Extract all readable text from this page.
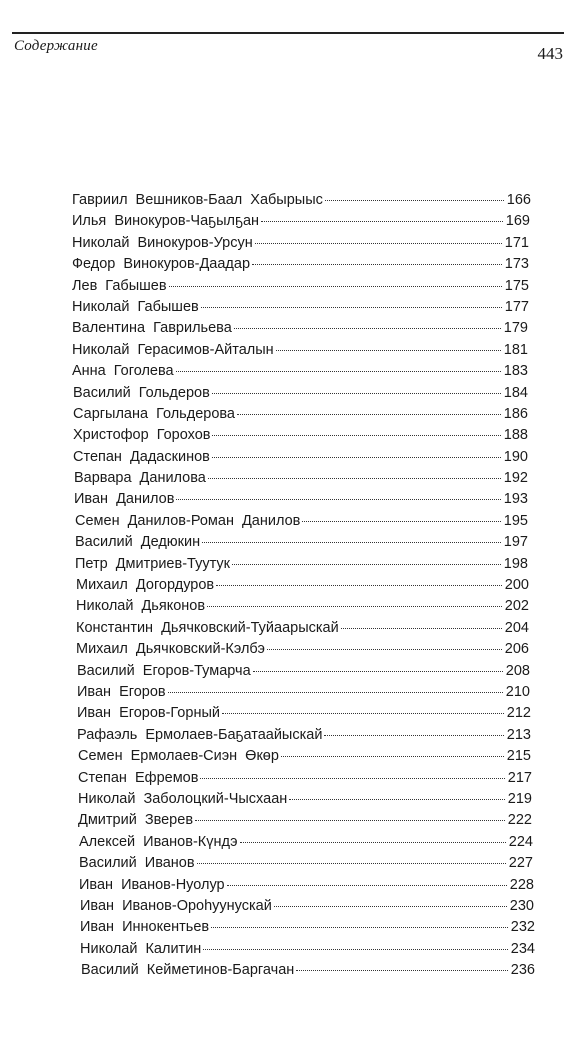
Содержание	443
Гавриил Вешников-Баал Хабырыыс	166
Илья Винокуров-Чаҕылҕан	169
Николай Винокуров-Урсун	171
Федор Винокуров-Даадар	173
Лев Габышев	175
Николай Габышев	177
Валентина Гаврильева	179
Николай Герасимов-Айталын	181
Анна Гоголева	183
Василий Гольдеров	184
Саргылана Гольдерова	186
Христофор Горохов	188
Степан Дадаскинов	190
Варвара Данилова	192
Иван Данилов	193
Семен Данилов-Роман Данилов	195
Василий Дедюкин	197
Петр Дмитриев-Туутук	198
Михаил Догордуров	200
Николай Дьяконов	202
Константин Дьячковский-Туйаарыскай	204
Михаил Дьячковский-Кэлбэ	206
Василий Егоров-Тумарча	208
Иван Егоров	210
Иван Егоров-Горный	212
Рафаэль Ермолаев-Баҕатаайыскай	213
Семен Ермолаев-Сиэн Өкөр	215
Степан Ефремов	217
Николай Заболоцкий-Чысхаан	219
Дмитрий Зверев	222
Алексей Иванов-Күндэ	224
Василий Иванов	227
Иван Иванов-Нуолур	228
Иван Иванов-Ороһуунускай	230
Иван Иннокентьев	232
Николай Калитин	234
Василий Кейметинов-Баргачан	236
